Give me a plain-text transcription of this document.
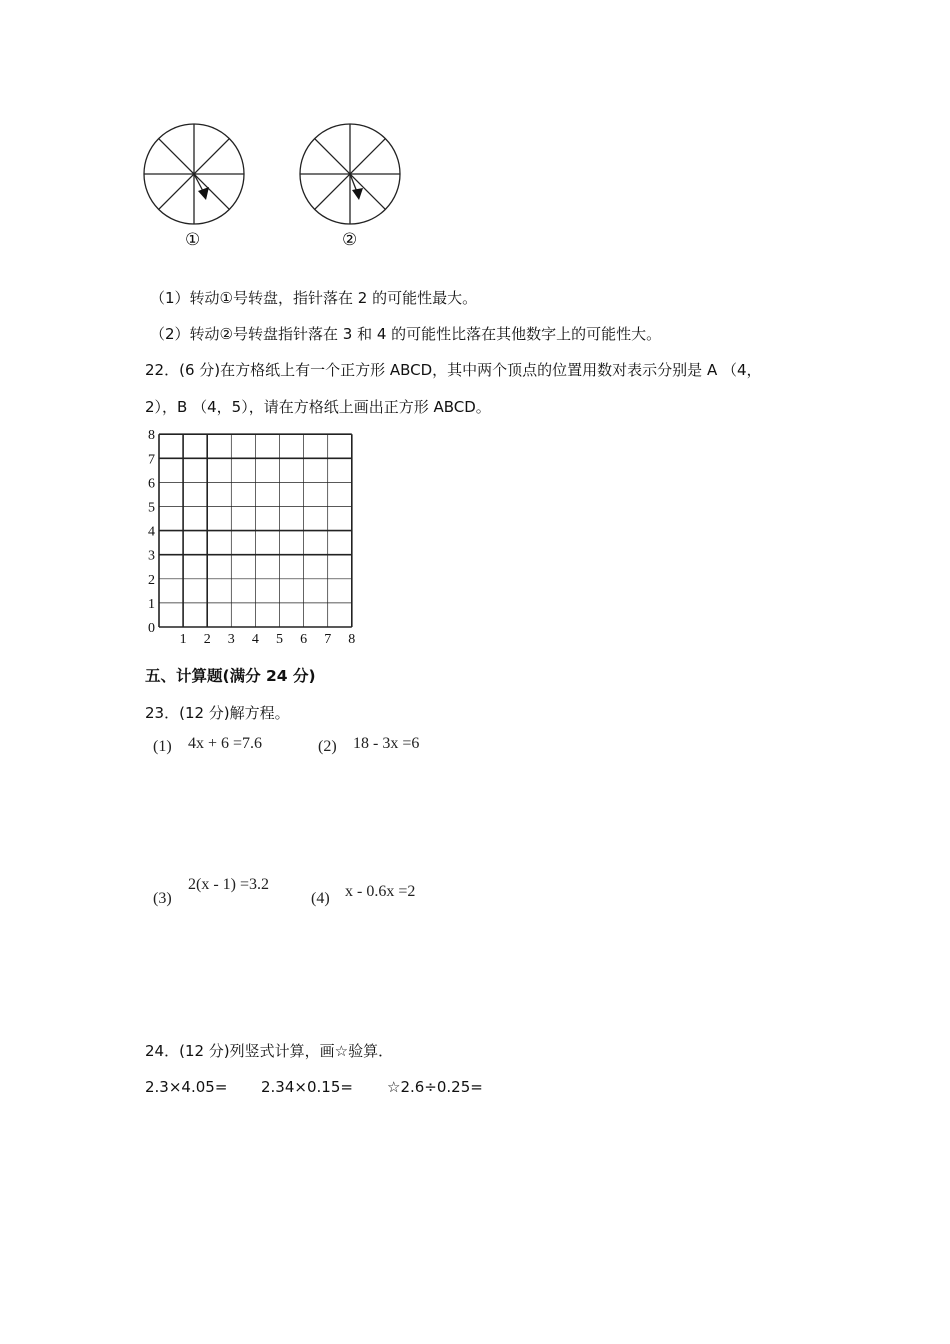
①	②
（1）转动①号转盘，指针落在 2 的可能性最大。
（2）转动②号转盘指针落在 3 和 4 的可能性比落在其他数字上的可能性大。
22．(6 分)在方格纸上有一个正方形 ABCD，其中两个顶点的位置用数对表示分别是 A （4，
2），B （4，5），请在方格纸上画出正方形 ABCD。
1 2 3 4 5 6 7 8
0
1
2
3
4
5
6
7
8
五、计算题(满分 24 分)
23．(12 分)解方程。
(1) 4x + 6 =7.6	(2) 18 - 3x =6
(3)
2(x - 1) =3.2
(4) x - 0.6x =2
24．(12 分)列竖式计算，画☆验算．
2.3×4.05= 2.34×0.15= ☆2.6÷0.25=
